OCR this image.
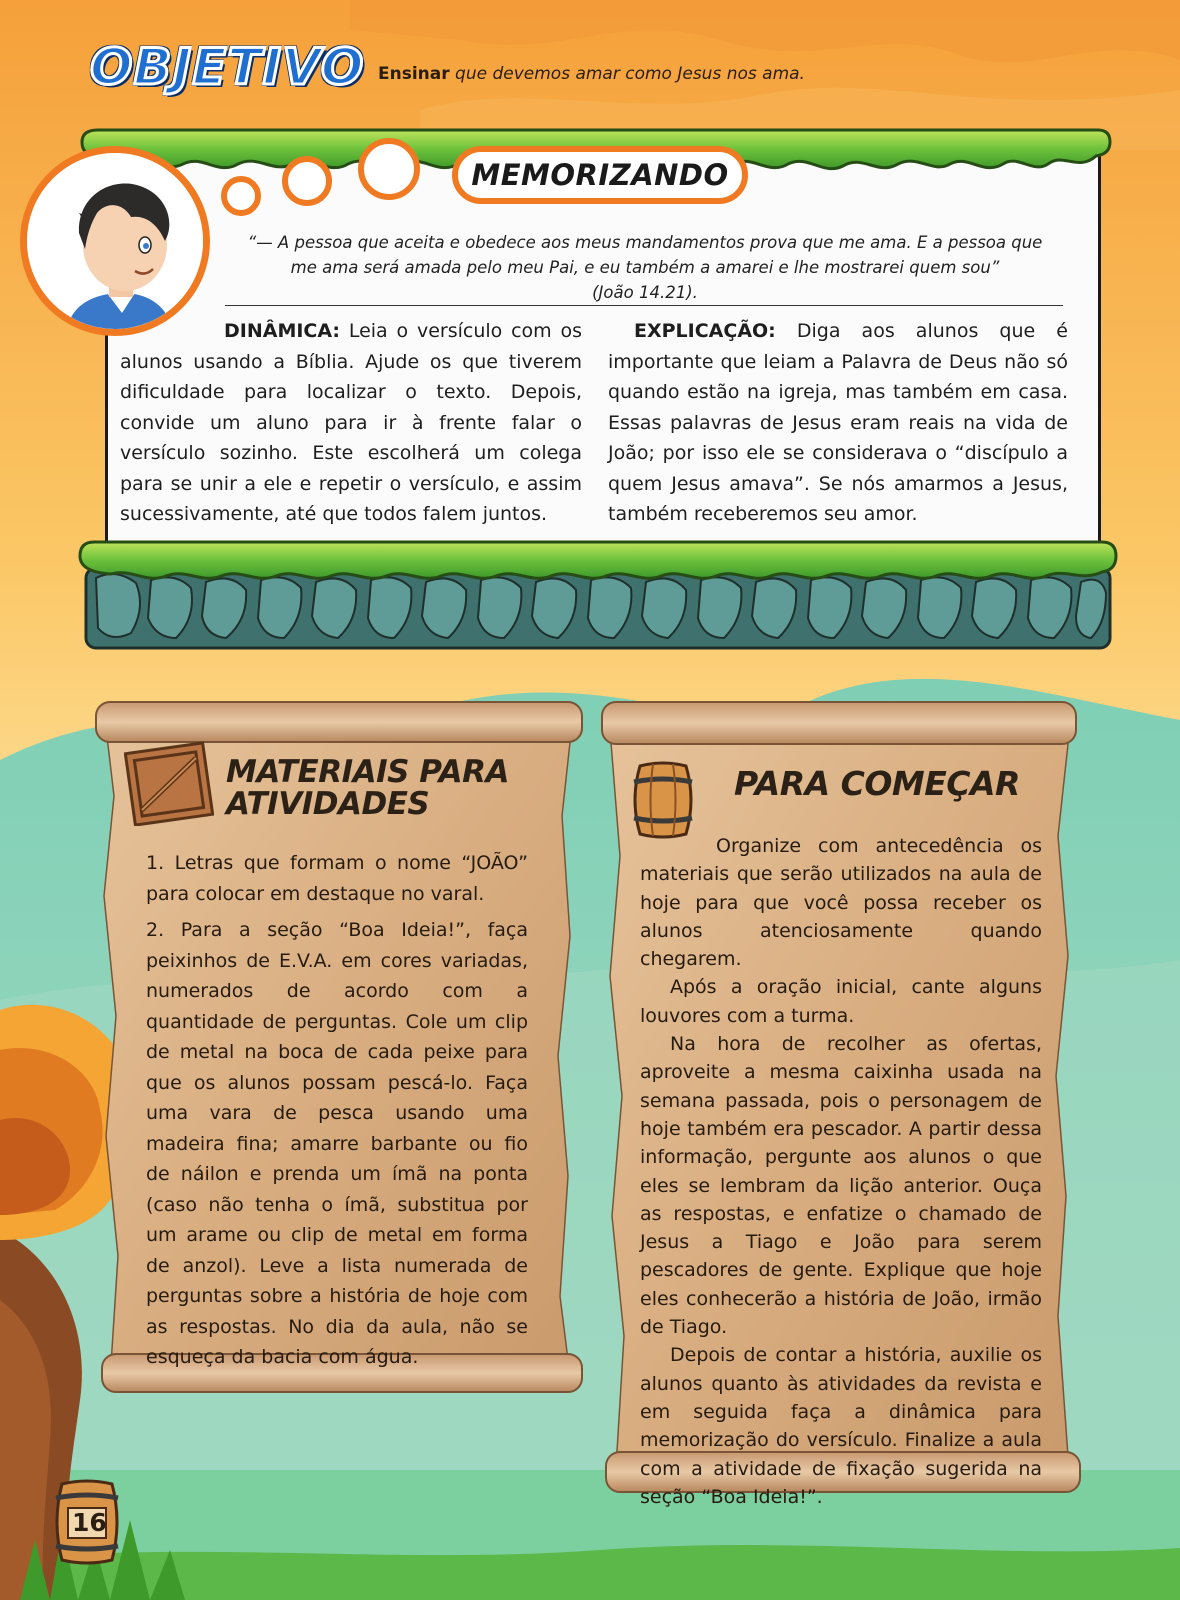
OBJETIVO Ensinar que devemos amar como Jesus nos ama.
MEMORIZANDO
“— A pessoa que aceita e obedece aos meus mandamentos prova que me ama. E a pessoa que
me ama será amada pelo meu Pai, e eu também a amarei e lhe mostrarei quem sou”
(João 14.21).
DINÂMICA: Leia o versículo com os alunos usando a Bíblia. Ajude os que tiverem dificuldade para localizar o texto. Depois, convide um aluno para ir à frente falar o versículo sozinho. Este escolherá um colega para se unir a ele e repetir o versículo, e assim sucessivamente, até que todos falem juntos.
EXPLICAÇÃO: Diga aos alunos que é importante que leiam a Palavra de Deus não só quando estão na igreja, mas também em casa. Essas palavras de Jesus eram reais na vida de João; por isso ele se considerava o “discípulo a quem Jesus amava”. Se nós amarmos a Jesus, também receberemos seu amor.
MATERIAIS PARA
ATIVIDADES

1. Letras que formam o nome “JOÃO” para colocar em destaque no varal.

2. Para a seção “Boa Ideia!”, faça peixinhos de E.V.A. em cores variadas, numerados de acordo com a quantidade de perguntas. Cole um clip de metal na boca de cada peixe para que os alunos possam pescá-lo. Faça uma vara de pesca usando uma madeira fina; amarre barbante ou fio de náilon e prenda um ímã na ponta (caso não tenha o ímã, substitua por um arame ou clip de metal em forma de anzol). Leve a lista numerada de perguntas sobre a história de hoje com as respostas. No dia da aula, não se esqueça da bacia com água.

PARA COMEÇAR

Organize com antecedência os materiais que serão utilizados na aula de hoje para que você possa receber os alunos atenciosamente quando chegarem.

Após a oração inicial, cante alguns louvores com a turma.

Na hora de recolher as ofertas, aproveite a mesma caixinha usada na semana passada, pois o personagem de hoje também era pescador. A partir dessa informação, pergunte aos alunos o que eles se lembram da lição anterior. Ouça as respostas, e enfatize o chamado de Jesus a Tiago e João para serem pescadores de gente. Explique que hoje eles conhecerão a história de João, irmão de Tiago.

Depois de contar a história, auxilie os alunos quanto às atividades da revista e em seguida faça a dinâmica para memorização do versículo. Finalize a aula com a atividade de fixação sugerida na seção “Boa Ideia!”.

16
